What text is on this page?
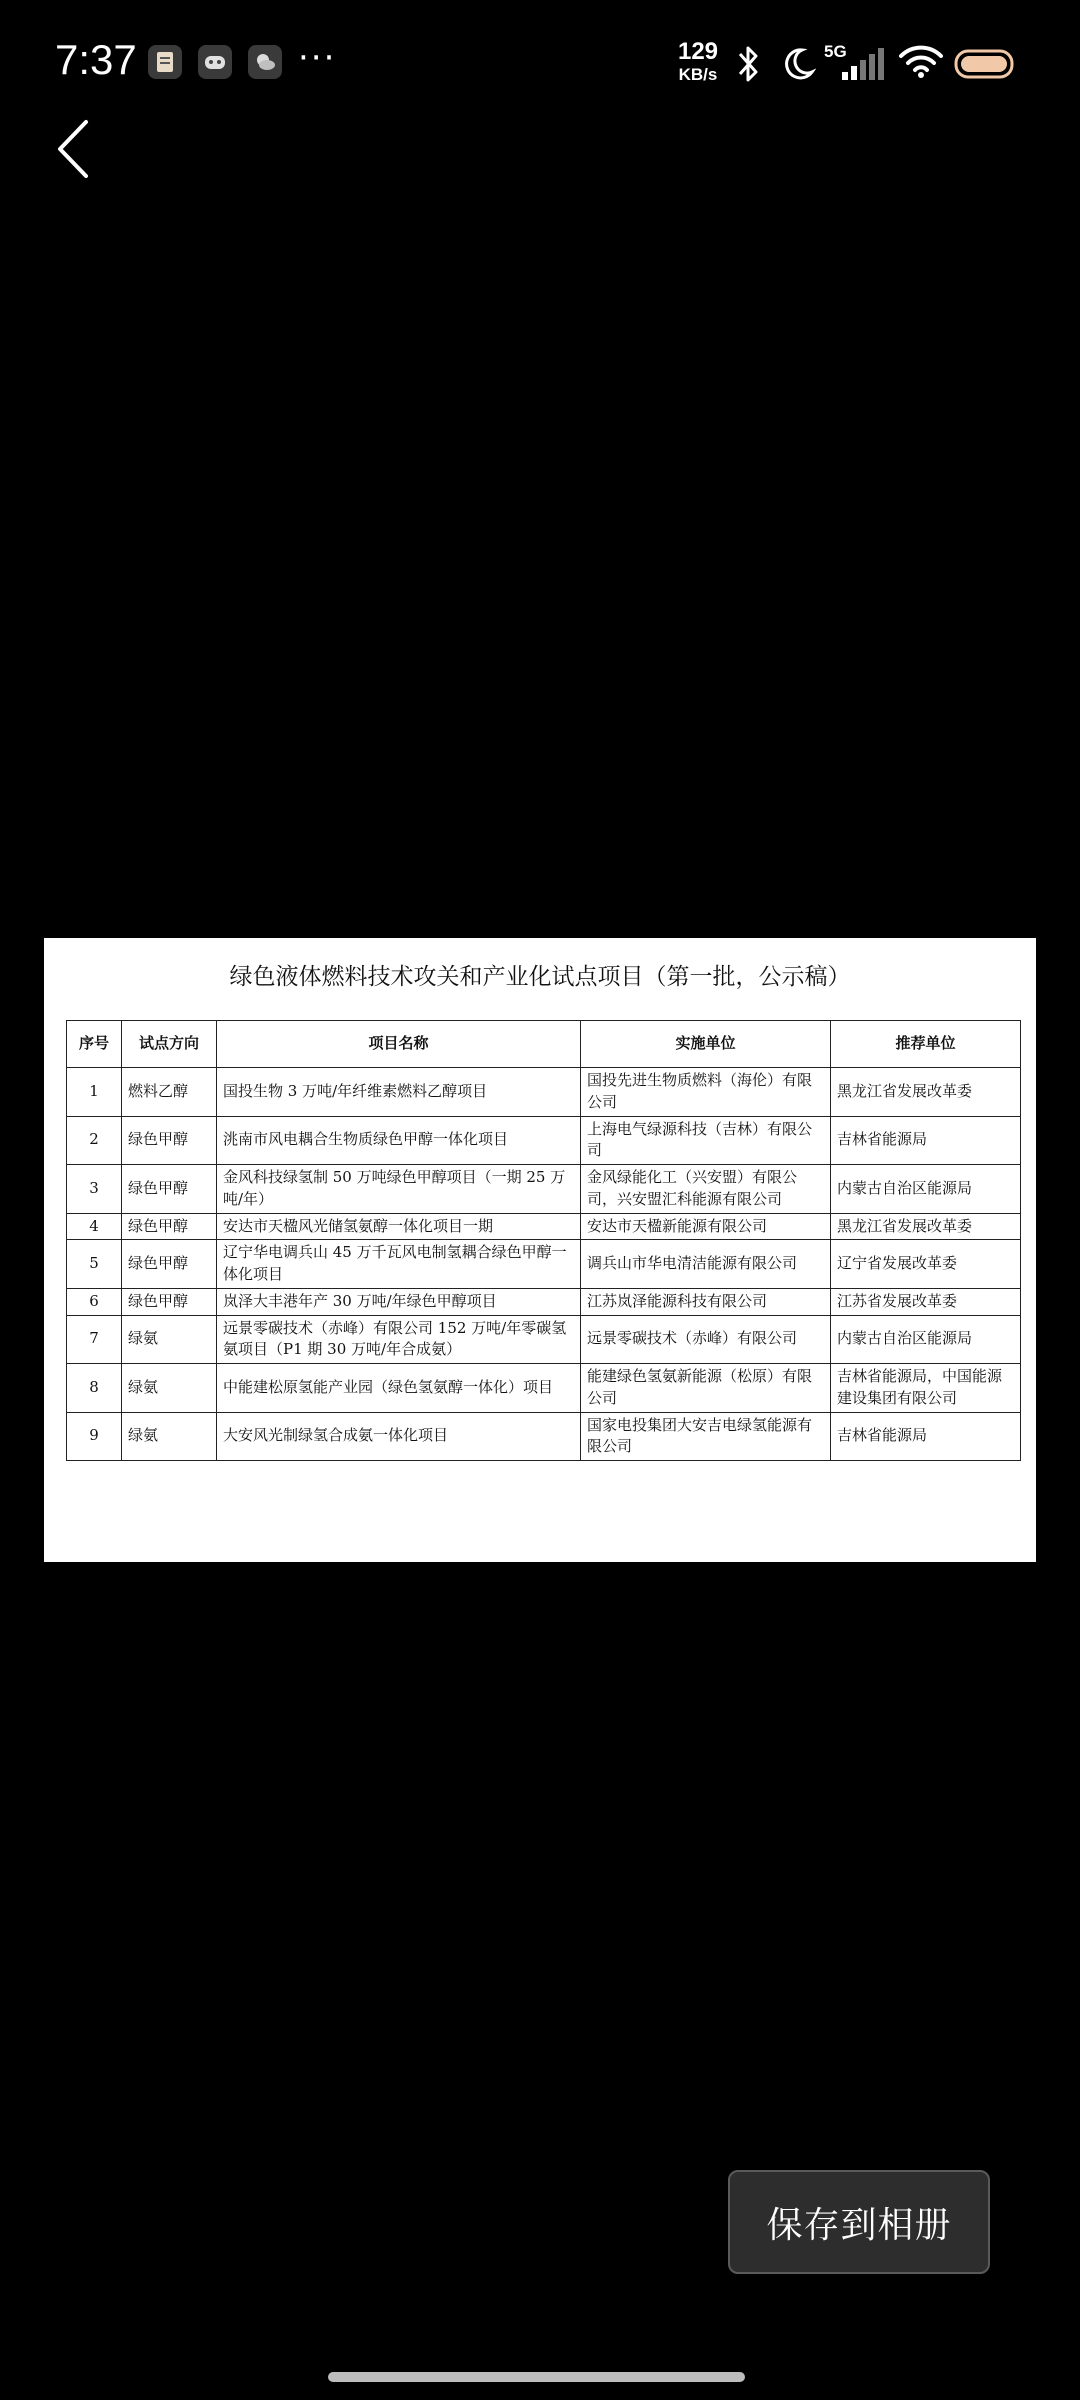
7:37	···	129
KB/s
5G
绿色液体燃料技术攻关和产业化试点项目（第一批，公示稿）
序号	试点方向	项目名称	实施单位	推荐单位
1	燃料乙醇	国投生物 3 万吨/年纤维素燃料乙醇项目	国投先进生物质燃料（海伦）有限公司	黑龙江省发展改革委
2	绿色甲醇	洮南市风电耦合生物质绿色甲醇一体化项目	上海电气绿源科技（吉林）有限公司	吉林省能源局
3	绿色甲醇	金风科技绿氢制 50 万吨绿色甲醇项目（一期 25 万吨/年）	金风绿能化工（兴安盟）有限公司，兴安盟汇科能源有限公司	内蒙古自治区能源局
4	绿色甲醇	安达市天楹风光储氢氨醇一体化项目一期	安达市天楹新能源有限公司	黑龙江省发展改革委
5	绿色甲醇	辽宁华电调兵山 45 万千瓦风电制氢耦合绿色甲醇一体化项目	调兵山市华电清洁能源有限公司	辽宁省发展改革委
6	绿色甲醇	岚泽大丰港年产 30 万吨/年绿色甲醇项目	江苏岚泽能源科技有限公司	江苏省发展改革委
7	绿氨	远景零碳技术（赤峰）有限公司 152 万吨/年零碳氢氨项目（P1 期 30 万吨/年合成氨）	远景零碳技术（赤峰）有限公司	内蒙古自治区能源局
8	绿氨	中能建松原氢能产业园（绿色氢氨醇一体化）项目	能建绿色氢氨新能源（松原）有限公司	吉林省能源局，中国能源建设集团有限公司
9	绿氨	大安风光制绿氢合成氨一体化项目	国家电投集团大安吉电绿氢能源有限公司	吉林省能源局
保存到相册
